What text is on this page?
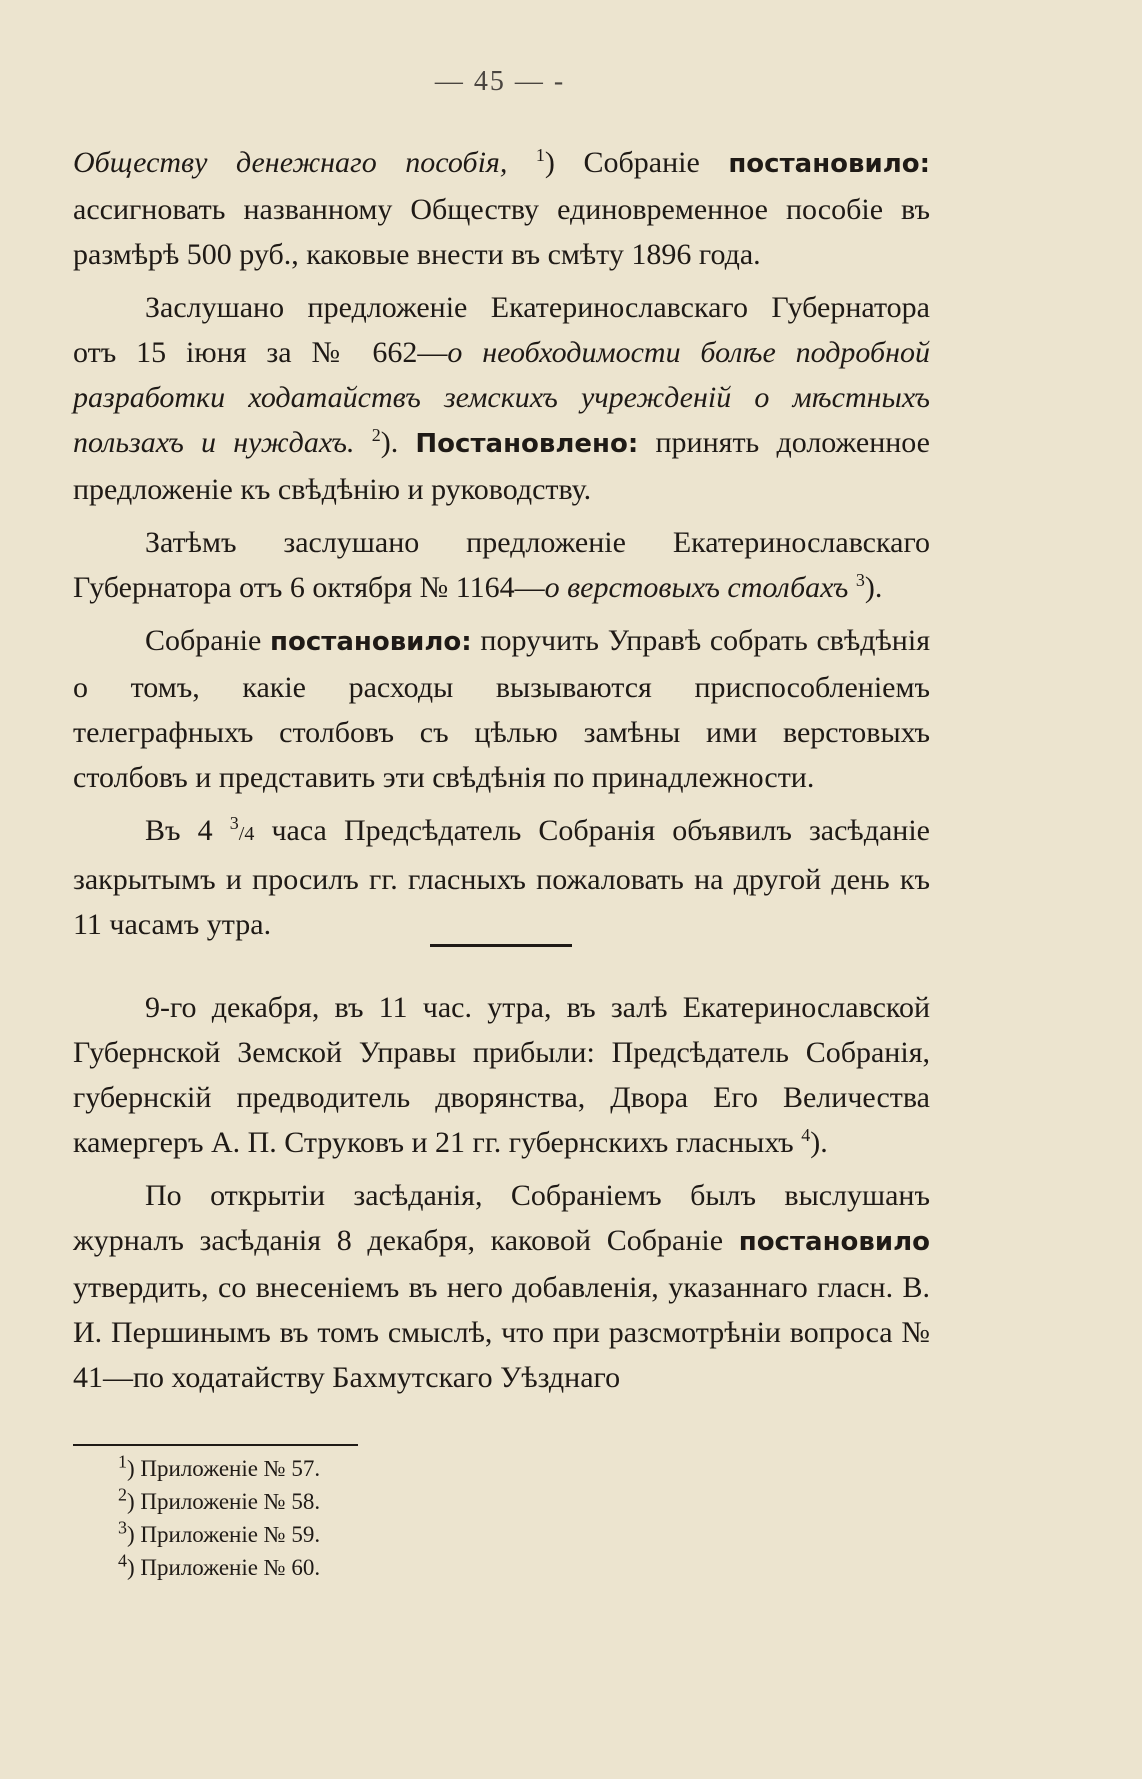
— 45 — -

Обществу денежнаго пособія, $^1$) Собраніе постановило: ассигновать названному Обществу единовременное пособіе въ размѣрѣ 500 руб., каковые внести въ смѣту 1896 года.

Заслушано предложеніе Екатеринославскаго Губернатора отъ 15 іюня за № 662—о необходимости болѣе подробной разработки ходатайствъ земскихъ учрежденій о мѣстныхъ пользахъ и нуждахъ. $^2$). Постановлено: принять доложенное предложеніе къ свѣдѣнію и руководству.

Затѣмъ заслушано предложеніе Екатеринославскаго Губернатора отъ 6 октября № 1164—о верстовыхъ столбахъ $^3$).

Собраніе постановило: поручить Управѣ собрать свѣдѣнія о томъ, какіе расходы вызываются приспособленіемъ телеграфныхъ столбовъ съ цѣлью замѣны ими верстовыхъ столбовъ и представить эти свѣдѣнія по принадлежности.

Въ 4 $^3$/4 часа Предсѣдатель Собранія объявилъ засѣданіе закрытымъ и просилъ гг. гласныхъ пожаловать на другой день къ 11 часамъ утра.

9-го декабря, въ 11 час. утра, въ залѣ Екатеринославской Губернской Земской Управы прибыли: Предсѣдатель Собранія, губернскій предводитель дворянства, Двора Его Величества камергеръ А. П. Струковъ и 21 гг. губернскихъ гласныхъ $^4$).

По открытіи засѣданія, Собраніемъ былъ выслушанъ журналъ засѣданія 8 декабря, каковой Собраніе постановило утвердить, со внесеніемъ въ него добавленія, указаннаго гласн. В. И. Першинымъ въ томъ смыслѣ, что при разсмотрѣніи вопроса № 41—по ходатайству Бахмутскаго Уѣзднаго

$^1$) Приложеніе № 57.
$^2$) Приложеніе № 58.
$^3$) Приложеніе № 59.
$^4$) Приложеніе № 60.
